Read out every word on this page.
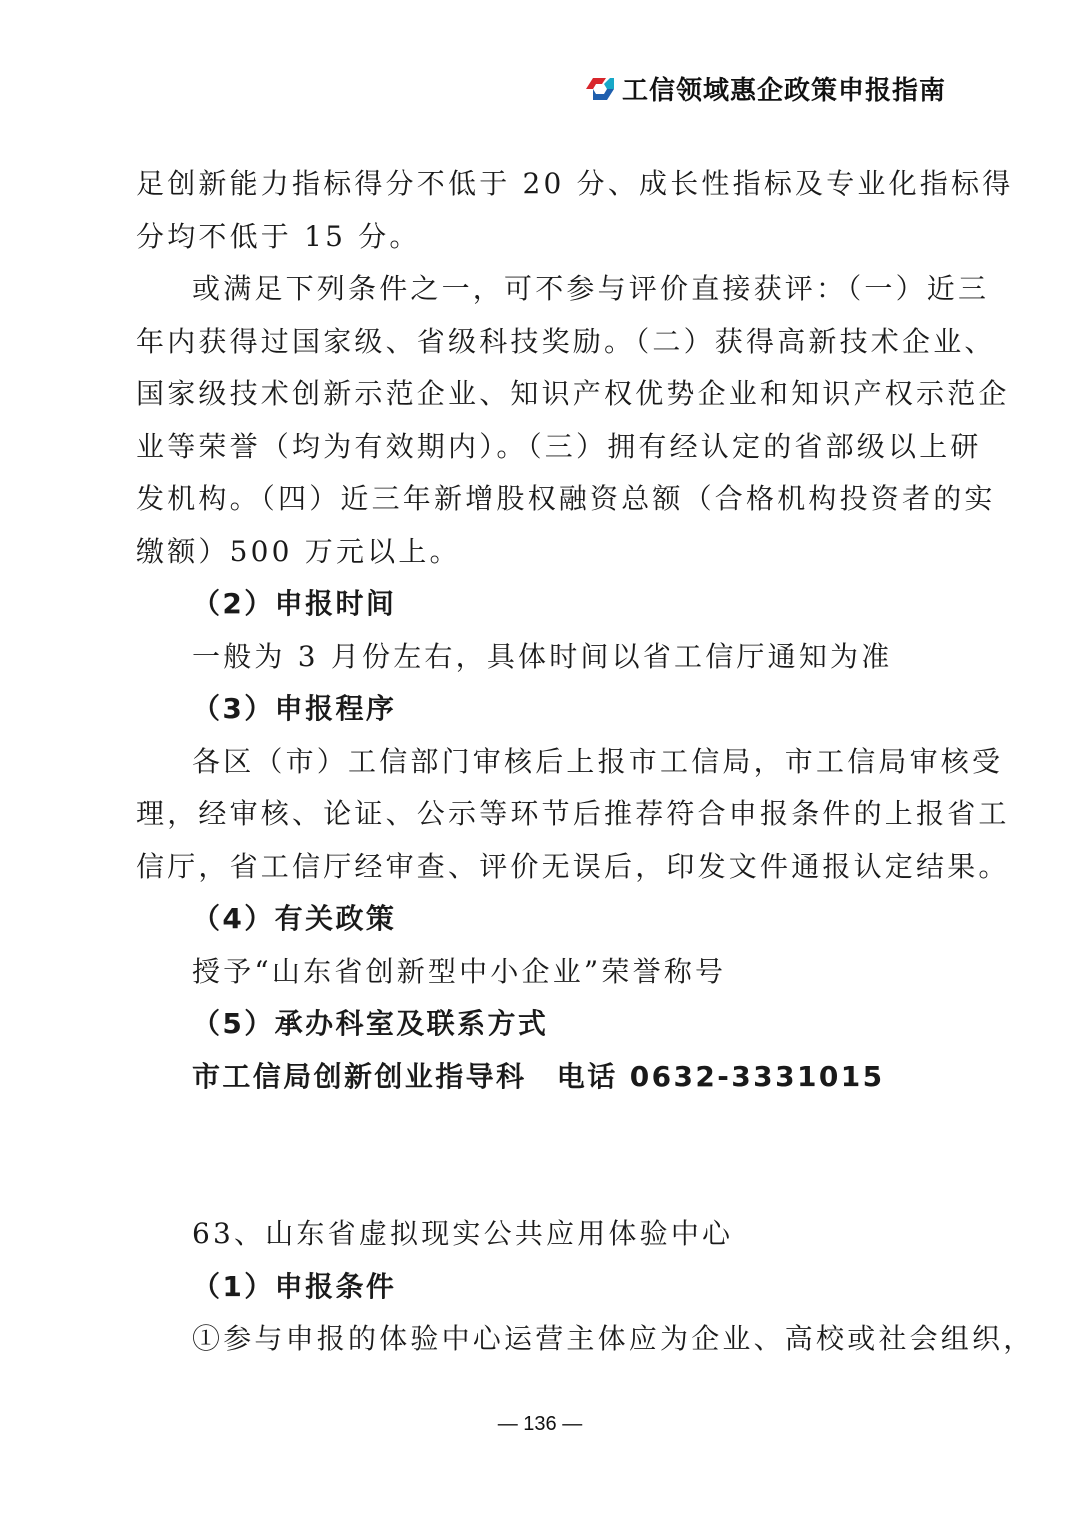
工信领域惠企政策申报指南
足创新能力指标得分不低于 20 分、成长性指标及专业化指标得
分均不低于 15 分。
或满足下列条件之一，可不参与评价直接获评：（一）近三
年内获得过国家级、省级科技奖励。（二）获得高新技术企业、
国家级技术创新示范企业、知识产权优势企业和知识产权示范企
业等荣誉（均为有效期内）。（三）拥有经认定的省部级以上研
发机构。（四）近三年新增股权融资总额（合格机构投资者的实
缴额）500 万元以上。
（2）申报时间
一般为 3 月份左右，具体时间以省工信厅通知为准
（3）申报程序
各区（市）工信部门审核后上报市工信局，市工信局审核受
理，经审核、论证、公示等环节后推荐符合申报条件的上报省工
信厅，省工信厅经审查、评价无误后，印发文件通报认定结果。
（4）有关政策
授予“山东省创新型中小企业”荣誉称号
（5）承办科室及联系方式
市工信局创新创业指导科　电话 0632-3331015
63、山东省虚拟现实公共应用体验中心
（1）申报条件
①参与申报的体验中心运营主体应为企业、高校或社会组织，
— 136 —
